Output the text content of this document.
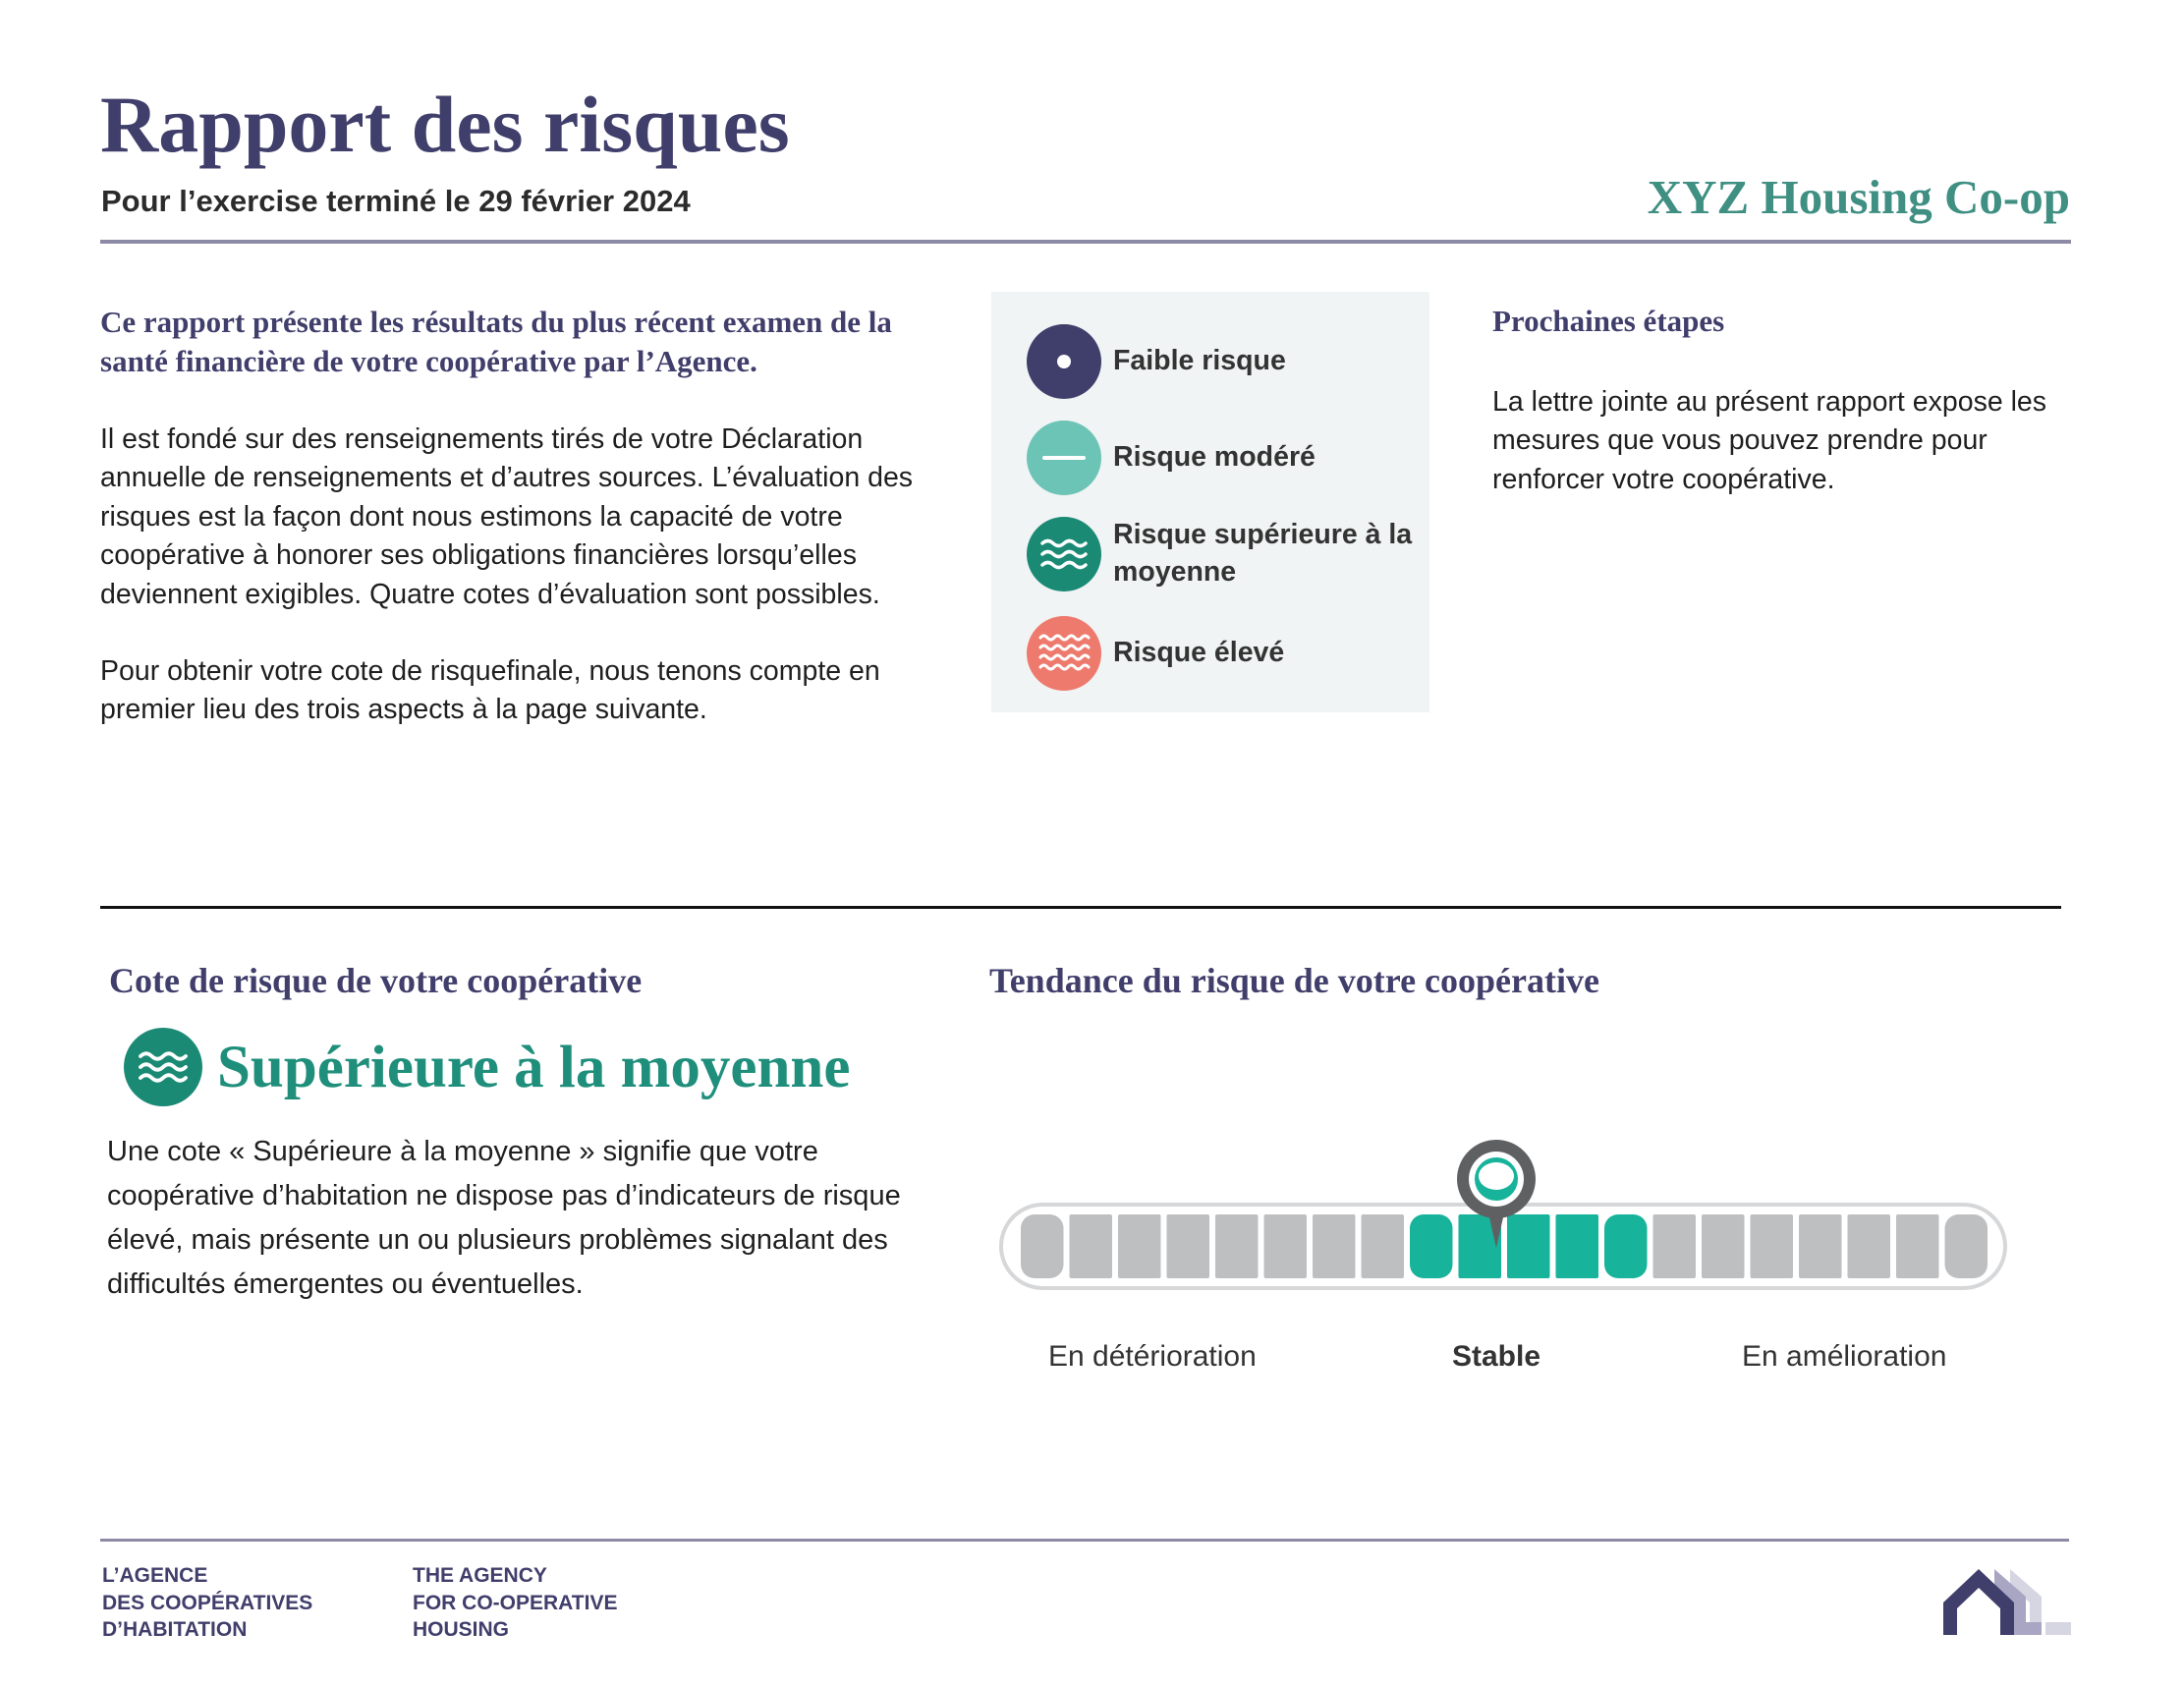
Rapport des risques
Pour l’exercise terminé le 29 février 2024	XYZ Housing Co-op
Ce rapport présente les résultats du plus récent examen de la santé financière de votre coopérative par l’Agence.
Il est fondé sur des renseignements tirés de votre Déclaration annuelle de renseignements et d’autres sources. L’évaluation des risques est la façon dont nous estimons la capacité de votre coopérative à honorer ses obligations financières lorsqu’elles deviennent exigibles. Quatre cotes d’évaluation sont possibles.
Pour obtenir votre cote de risquefinale, nous tenons compte en premier lieu des trois aspects à la page suivante.
Faible risque
Risque modéré
Risque supérieure à la moyenne
Risque élevé
Prochaines étapes
La lettre jointe au présent rapport expose les mesures que vous pouvez prendre pour renforcer votre coopérative.
Cote de risque de votre coopérative
Supérieure à la moyenne
Une cote « Supérieure à la moyenne » signifie que votre coopérative d’habitation ne dispose pas d’indicateurs de risque élevé, mais présente un ou plusieurs problèmes signalant des difficultés émergentes ou éventuelles.
Tendance du risque de votre coopérative
En détérioration	Stable	En amélioration
L’AGENCE
DES COOPÉRATIVES
D’HABITATION
THE AGENCY
FOR CO-OPERATIVE
HOUSING
